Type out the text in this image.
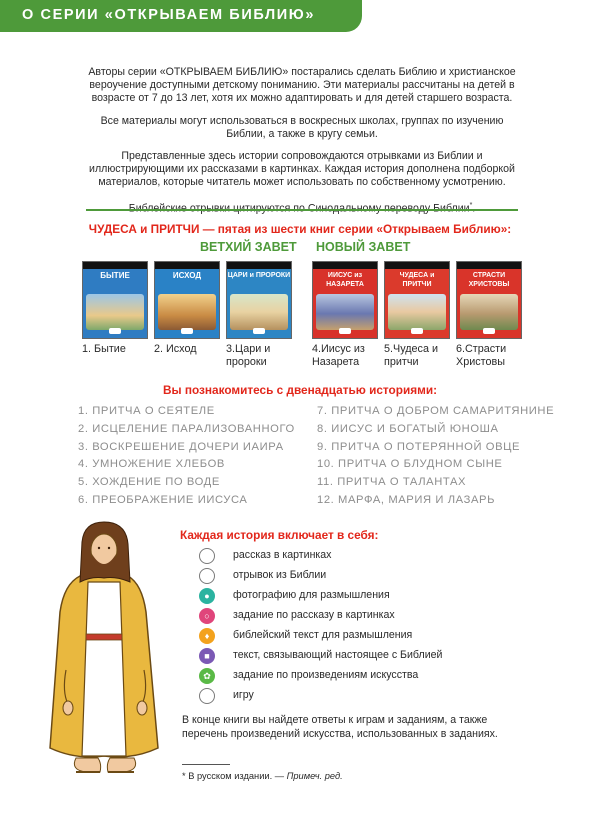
О СЕРИИ «ОТКРЫВАЕМ БИБЛИЮ»

Авторы серии «ОТКРЫВАЕМ БИБЛИЮ» постарались сделать Библию и христианское вероучение доступными детскому пониманию. Эти материалы рассчитаны на детей в возрасте от 7 до 13 лет, хотя их можно адаптировать и для детей старшего возраста.

Все материалы могут использоваться в воскресных школах, группах по изучению Библии, а также в кругу семьи.

Представленные здесь истории сопровождаются отрывками из Библии и иллюстрирующими их рассказами в картинках. Каждая история дополнена подборкой материалов, которые читатель может использовать по собственному усмотрению.

*

ЧУДЕСА и ПРИТЧИ — пятая из шести книг серии «Открываем Библию»:
ВЕТХИЙ ЗАВЕТ НОВЫЙ ЗАВЕТ
БЫТИЕ	ИСХОД	ЦАРИ и ПРОРОКИ	ИИСУС из НАЗАРЕТА
ЧУДЕСА и ПРИТЧИ
СТРАСТИ ХРИСТОВЫ
1. Бытие	2. Исход	3.Цари и пророки
4.Иисус из Назарета
5.Чудеса и притчи
6.Страсти Христовы
Вы познакомитесь с двенадцатью историями:
1. ПРИТЧА О СЕЯТЕЛЕ
2. ИСЦЕЛЕНИЕ ПАРАЛИЗОВАННОГО
3. ВОСКРЕШЕНИЕ ДОЧЕРИ ИАИРА
4. УМНОЖЕНИЕ ХЛЕБОВ
5. ХОЖДЕНИЕ ПО ВОДЕ
6. ПРЕОБРАЖЕНИЕ ИИСУСА
7. ПРИТЧА О ДОБРОМ САМАРИТЯНИНЕ
8. ИИСУС И БОГАТЫЙ ЮНОША
9. ПРИТЧА О ПОТЕРЯННОЙ ОВЦЕ
10. ПРИТЧА О БЛУДНОМ СЫНЕ
11. ПРИТЧА О ТАЛАНТАХ
12. МАРФА, МАРИЯ И ЛАЗАРЬ
Каждая история включает в себя:
рассказ в картинках
отрывок из Библии
●	фотографию для размышления
○	задание по рассказу в картинках
♦	библейский текст для размышления
■	текст, связывающий настоящее с Библией
✿	задание по произведениям искусства
игру
В конце книги вы найдете ответы к играм и заданиям, а также перечень произведений искусства, использованных в заданиях.
* В русском издании. — Примеч. ред.
